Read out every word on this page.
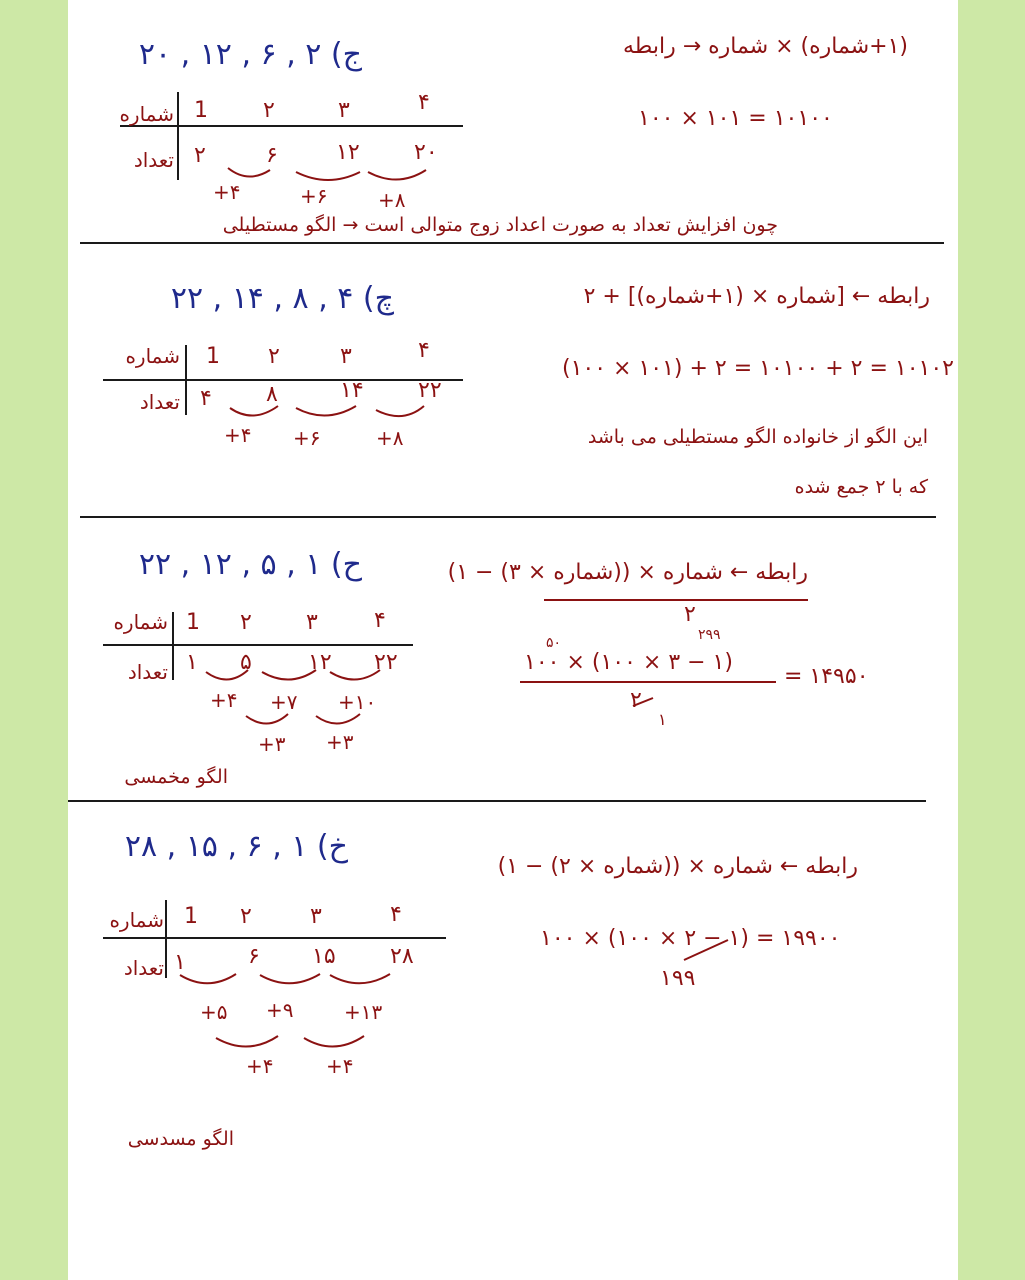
ج) ۲ , ۶ , ۱۲ , ۲۰
شماره 1	۲	۳	۴
تعداد ۲	۶	۱۲ ۲۰
+۴	+۶	+۸
(۱+شماره) × شماره → رابطه
۱۰۰ × ۱۰۱ = ۱۰۱۰۰
چون افزایش تعداد به صورت اعداد زوج متوالی است → الگو مستطیلی
چ) ۴ , ۸ , ۱۴ , ۲۲
شماره 1 ۲	۳	۴
تعداد ۴ ۸	۱۴ ۲۲
+۴ +۶	+۸
رابطه ← [شماره × (۱+شماره)] + ۲
(۱۰۰ × ۱۰۱) + ۲ = ۱۰۱۰۰ + ۲ = ۱۰۱۰۲
این الگو از خانواده الگو مستطیلی می باشد
که با ۲ جمع شده
ح) ۱ , ۵ , ۱۲ , ۲۲
شماره 1 ۲ ۳	۴
تعداد ۱ ۵	۱۲ ۲۲
+۴ +۷ +۱۰
+۳ +۳
الگو مخمسی
رابطه ← شماره × ((شماره × ۳) − ۱)
۲
۵۰	۲۹۹
۱۰۰ × (۱۰۰ × ۳ − ۱)
۲
۱
= ۱۴۹۵۰
خ) ۱ , ۶ , ۱۵ , ۲۸
شماره 1 ۲	۳	۴
تعداد ۱	۶ ۱۵ ۲۸
+۵ +۹	+۱۳
+۴	+۴
الگو مسدسی
رابطه ← شماره × ((شماره × ۲) − ۱)
۱۰۰ × (۱۰۰ × ۲ − ۱) = ۱۹۹۰۰
۱۹۹
